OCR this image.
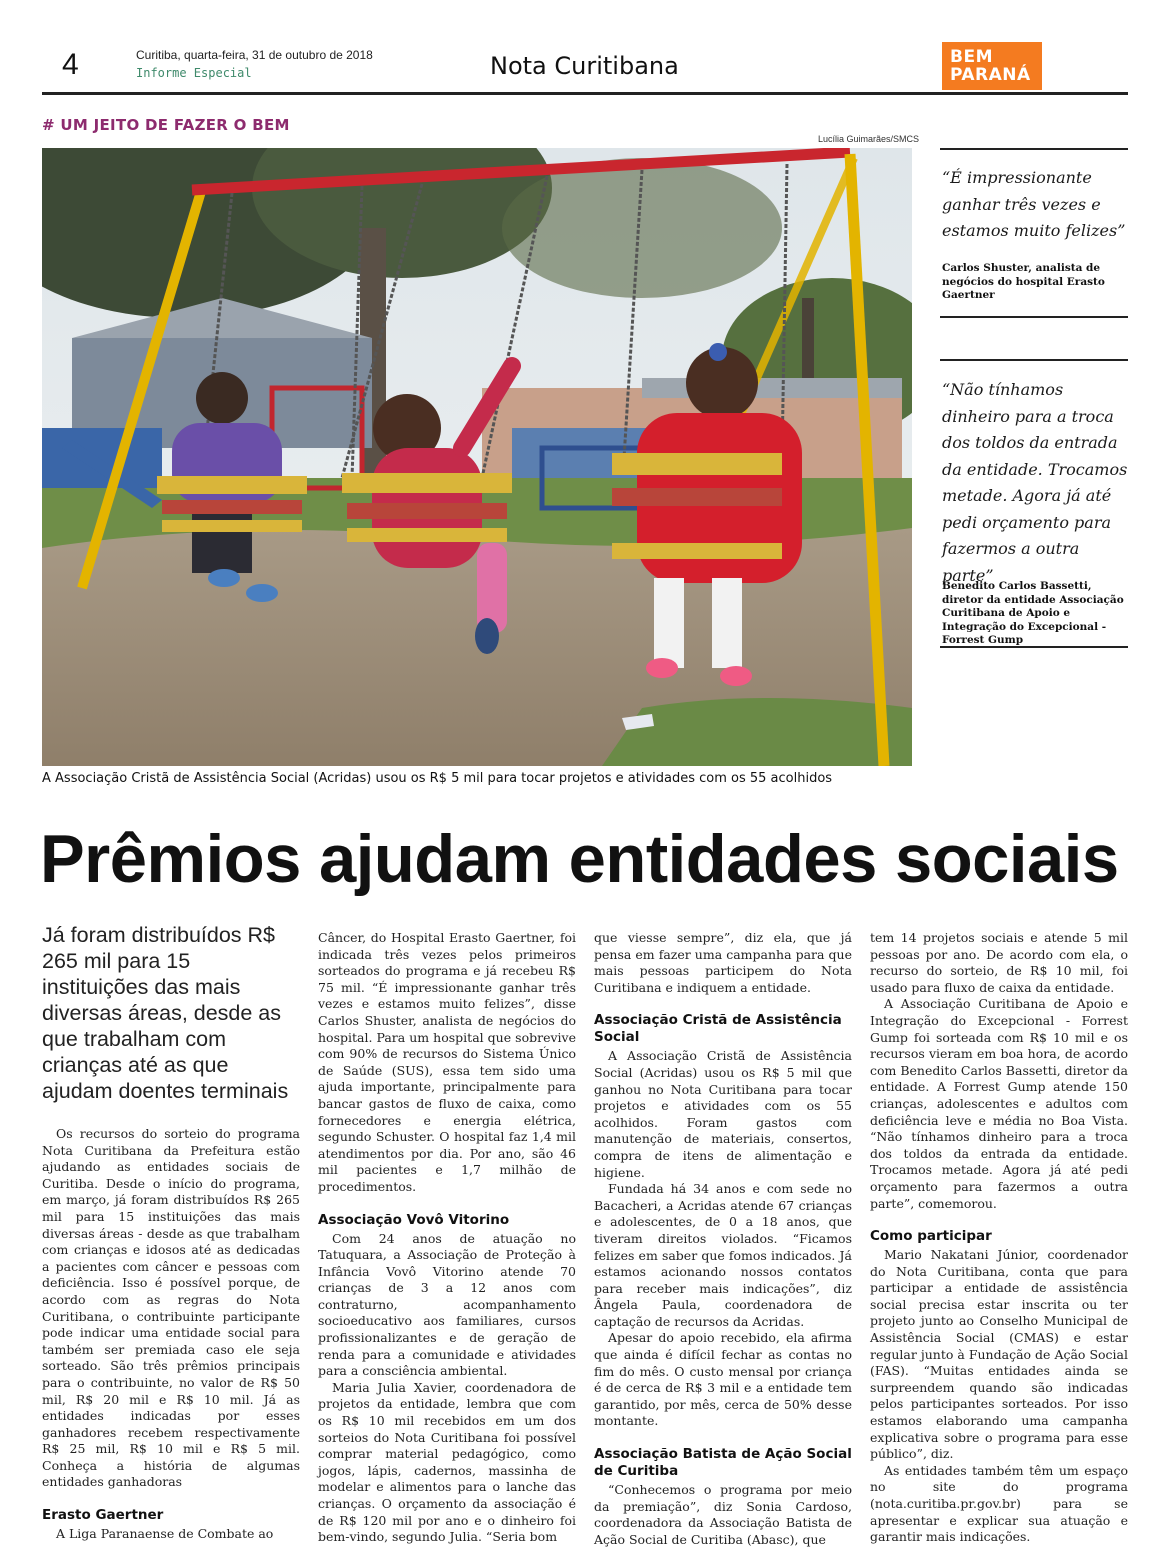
4	Curitiba, quarta-feira, 31 de outubro de 2018
Informe Especial	Nota Curitibana	BEM
PARANÁ
# UM JEITO DE FAZER O BEM
Lucília Guimarães/SMCS
A Associação Cristã de Assistência Social (Acridas) usou os R$ 5 mil para tocar projetos e atividades com os 55 acolhidos
“É impressionante ganhar três vezes e estamos muito felizes”
Carlos Shuster, analista de negócios do hospital Erasto Gaertner
“Não tínhamos dinheiro para a troca dos toldos da entrada da entidade. Trocamos metade. Agora já até pedi orçamento para fazermos a outra parte”
Benedito Carlos Bassetti, diretor da entidade Associação Curitibana de Apoio e Integração do Excepcional - Forrest Gump
Prêmios ajudam entidades sociais
Já foram distribuídos R$ 265 mil para 15 instituições das mais diversas áreas, desde as que trabalham com crianças até as que ajudam doentes terminais

Os recursos do sorteio do programa Nota Curitibana da Prefeitura estão ajudando as entidades sociais de Curitiba. Desde o início do programa, em março, já foram distribuídos R$ 265 mil para 15 instituições das mais diversas áreas - desde as que trabalham com crianças e idosos até as dedicadas a pacientes com câncer e pessoas com deficiência. Isso é possível porque, de acordo com as regras do Nota Curitibana, o contribuinte participante pode indicar uma entidade social para também ser premiada caso ele seja sorteado. São três prêmios principais para o contribuinte, no valor de R$ 50 mil, R$ 20 mil e R$ 10 mil. Já as entidades indicadas por esses ganhadores recebem respectivamente R$ 25 mil, R$ 10 mil e R$ 5 mil. Conheça a história de algumas entidades ganhadoras

Erasto Gaertner

A Liga Paranaense de Combate ao

Câncer, do Hospital Erasto Gaertner, foi indicada três vezes pelos primeiros sorteados do programa e já recebeu R$ 75 mil. “É impressionante ganhar três vezes e estamos muito felizes”, disse Carlos Shuster, analista de negócios do hospital. Para um hospital que sobrevive com 90% de recursos do Sistema Único de Saúde (SUS), essa tem sido uma ajuda importante, principalmente para bancar gastos de fluxo de caixa, como fornecedores e energia elétrica, segundo Schuster. O hospital faz 1,4 mil atendimentos por dia. Por ano, são 46 mil pacientes e 1,7 milhão de procedimentos.

Associação Vovô Vitorino

Com 24 anos de atuação no Tatuquara, a Associação de Proteção à Infância Vovô Vitorino atende 70 crianças de 3 a 12 anos com contraturno, acompanhamento socioeducativo aos familiares, cursos profissionalizantes e de geração de renda para a comunidade e atividades para a consciência ambiental.

Maria Julia Xavier, coordenadora de projetos da entidade, lembra que com os R$ 10 mil recebidos em um dos sorteios do Nota Curitibana foi possível comprar material pedagógico, como jogos, lápis, cadernos, massinha de modelar e alimentos para o lanche das crianças. O orçamento da associação é de R$ 120 mil por ano e o dinheiro foi bem-vindo, segundo Julia. “Seria bom

que viesse sempre”, diz ela, que já pensa em fazer uma campanha para que mais pessoas participem do Nota Curitibana e indiquem a entidade.

Associação Cristã de Assistência Social

A Associação Cristã de Assistência Social (Acridas) usou os R$ 5 mil que ganhou no Nota Curitibana para tocar projetos e atividades com os 55 acolhidos. Foram gastos com manutenção de materiais, consertos, compra de itens de alimentação e higiene.

Fundada há 34 anos e com sede no Bacacheri, a Acridas atende 67 crianças e adolescentes, de 0 a 18 anos, que tiveram direitos violados. “Ficamos felizes em saber que fomos indicados. Já estamos acionando nossos contatos para receber mais indicações”, diz Ângela Paula, coordenadora de captação de recursos da Acridas.

Apesar do apoio recebido, ela afirma que ainda é difícil fechar as contas no fim do mês. O custo mensal por criança é de cerca de R$ 3 mil e a entidade tem garantido, por mês, cerca de 50% desse montante.

Associação Batista de Ação Social de Curitiba

“Conhecemos o programa por meio da premiação”, diz Sonia Cardoso, coordenadora da Associação Batista de Ação Social de Curitiba (Abasc), que

tem 14 projetos sociais e atende 5 mil pessoas por ano. De acordo com ela, o recurso do sorteio, de R$ 10 mil, foi usado para fluxo de caixa da entidade.

A Associação Curitibana de Apoio e Integração do Excepcional - Forrest Gump foi sorteada com R$ 10 mil e os recursos vieram em boa hora, de acordo com Benedito Carlos Bassetti, diretor da entidade. A Forrest Gump atende 150 crianças, adolescentes e adultos com deficiência leve e média no Boa Vista. “Não tínhamos dinheiro para a troca dos toldos da entrada da entidade. Trocamos metade. Agora já até pedi orçamento para fazermos a outra parte”, comemorou.

Como participar

Mario Nakatani Júnior, coordenador do Nota Curitibana, conta que para participar a entidade de assistência social precisa estar inscrita ou ter projeto junto ao Conselho Municipal de Assistência Social (CMAS) e estar regular junto à Fundação de Ação Social (FAS). “Muitas entidades ainda se surpreendem quando são indicadas pelos participantes sorteados. Por isso estamos elaborando uma campanha explicativa sobre o programa para esse público”, diz.

As entidades também têm um espaço no site do programa (nota.curitiba.pr.gov.br) para se apresentar e explicar sua atuação e garantir mais indicações.
